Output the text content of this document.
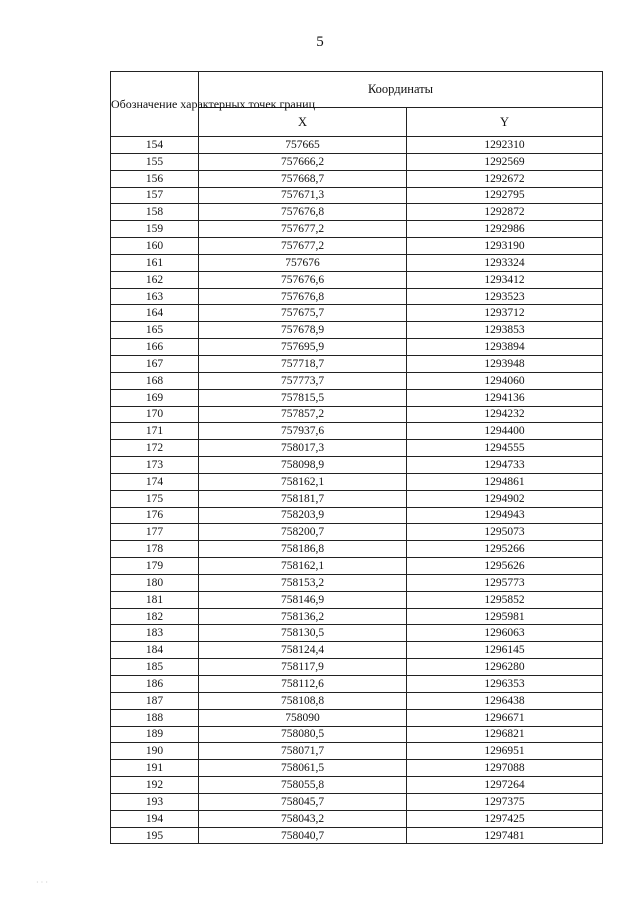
5
Обозначение характерных точек границ	Координаты	
	X	Y
154	757665	1292310
155	757666,2	1292569
156	757668,7	1292672
157	757671,3	1292795
158	757676,8	1292872
159	757677,2	1292986
160	757677,2	1293190
161	757676	1293324
162	757676,6	1293412
163	757676,8	1293523
164	757675,7	1293712
165	757678,9	1293853
166	757695,9	1293894
167	757718,7	1293948
168	757773,7	1294060
169	757815,5	1294136
170	757857,2	1294232
171	757937,6	1294400
172	758017,3	1294555
173	758098,9	1294733
174	758162,1	1294861
175	758181,7	1294902
176	758203,9	1294943
177	758200,7	1295073
178	758186,8	1295266
179	758162,1	1295626
180	758153,2	1295773
181	758146,9	1295852
182	758136,2	1295981
183	758130,5	1296063
184	758124,4	1296145
185	758117,9	1296280
186	758112,6	1296353
187	758108,8	1296438
188	758090	1296671
189	758080,5	1296821
190	758071,7	1296951
191	758061,5	1297088
192	758055,8	1297264
193	758045,7	1297375
194	758043,2	1297425
195	758040,7	1297481
· · ·
